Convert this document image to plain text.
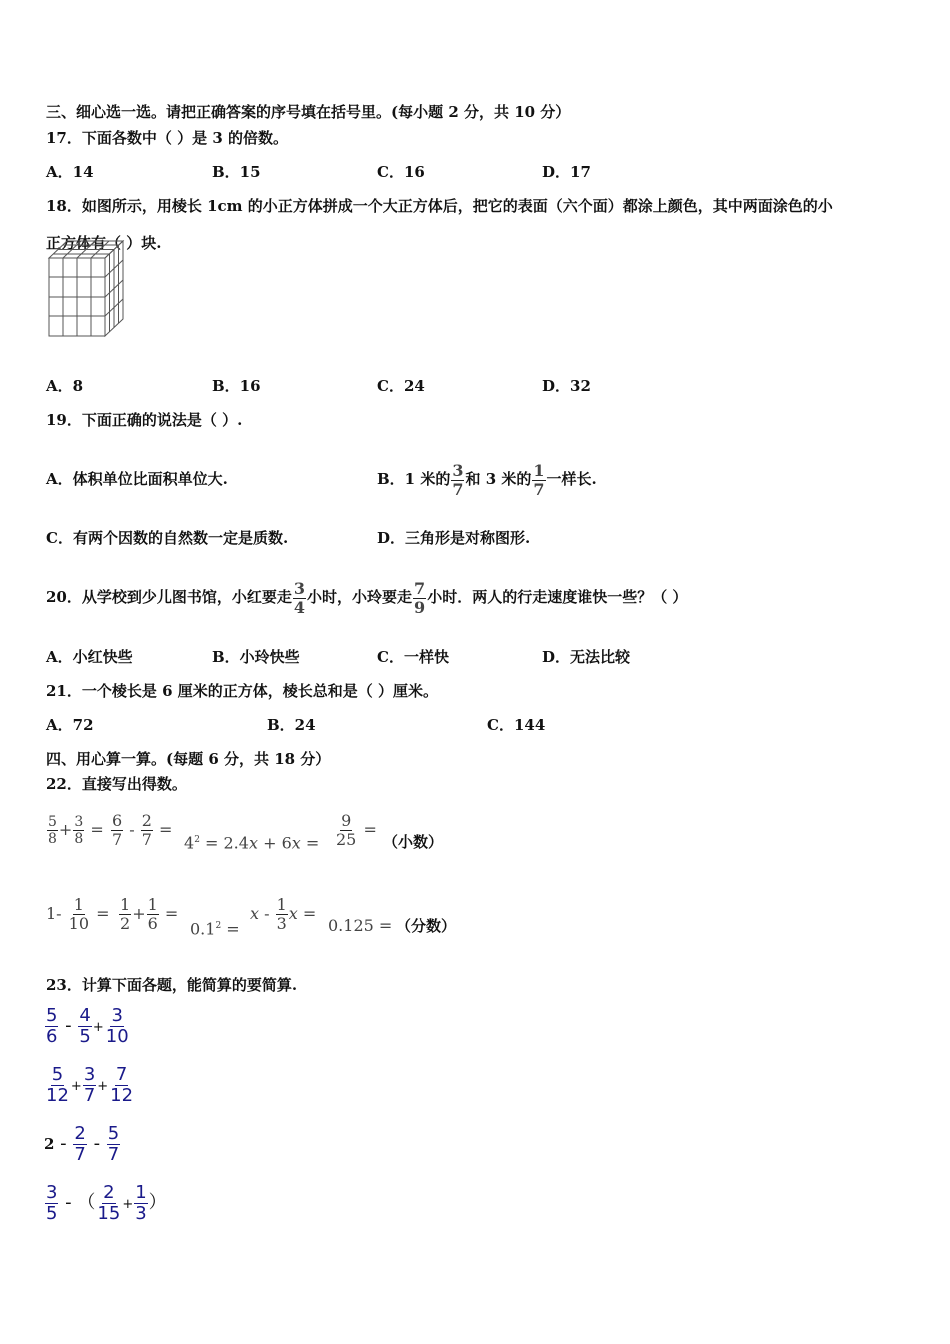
三、细心选一选。请把正确答案的序号填在括号里。(每小题 2 分，共 10 分）
17．下面各数中（ ）是 3 的倍数。
A．14	B．15	C．16	D．17
18．如图所示，用棱长 1cm 的小正方体拼成一个大正方体后，把它的表面（六个面）都涂上颜色，其中两面涂色的小
正方体有（ ）块.
A．8	B．16	C．24	D．32
19．下面正确的说法是（ ）.
A．体积单位比面积单位大.	B．1 米的 $\frac{3}{7}$ 和 3 米的 $\frac{1}{7}$ 一样长.
C．有两个因数的自然数一定是质数.	D．三角形是对称图形.
20．从学校到少儿图书馆，小红要走 $\frac{3}{4}$ 小时，小玲要走 $\frac{7}{9}$ 小时．两人的行走速度谁快一些？（ ）
A．小红快些	B．小玲快些	C．一样快	D．无法比较
21．一个棱长是 6 厘米的正方体，棱长总和是（ ）厘米。
A．72	B．24	C．144
四、用心算一算。(每题 6 分，共 18 分）
22．直接写出得数。
$\frac{5}{8} + \frac{3}{8} = \frac{6}{7} - \frac{2}{7}$ =
$4^2 = 2.4x + 6x = \frac{9}{25}$ =
（小数）
$1- \frac{1}{10} = \frac{1}{2} + \frac{1}{6}$ =
$0.1^2$ =
x - $\frac{1}{3}$ x =
0.125 = （分数）
23．计算下面各题，能简算的要简算.
$\frac{5}{6} - \frac{4}{5} + \frac{3}{10}$
$\frac{5}{12} + \frac{3}{7} + \frac{7}{12}$
$2 - \frac{2}{7} - \frac{5}{7}$
$\frac{3}{5}$ - （ $\frac{2}{15} + \frac{1}{3}$ ）
